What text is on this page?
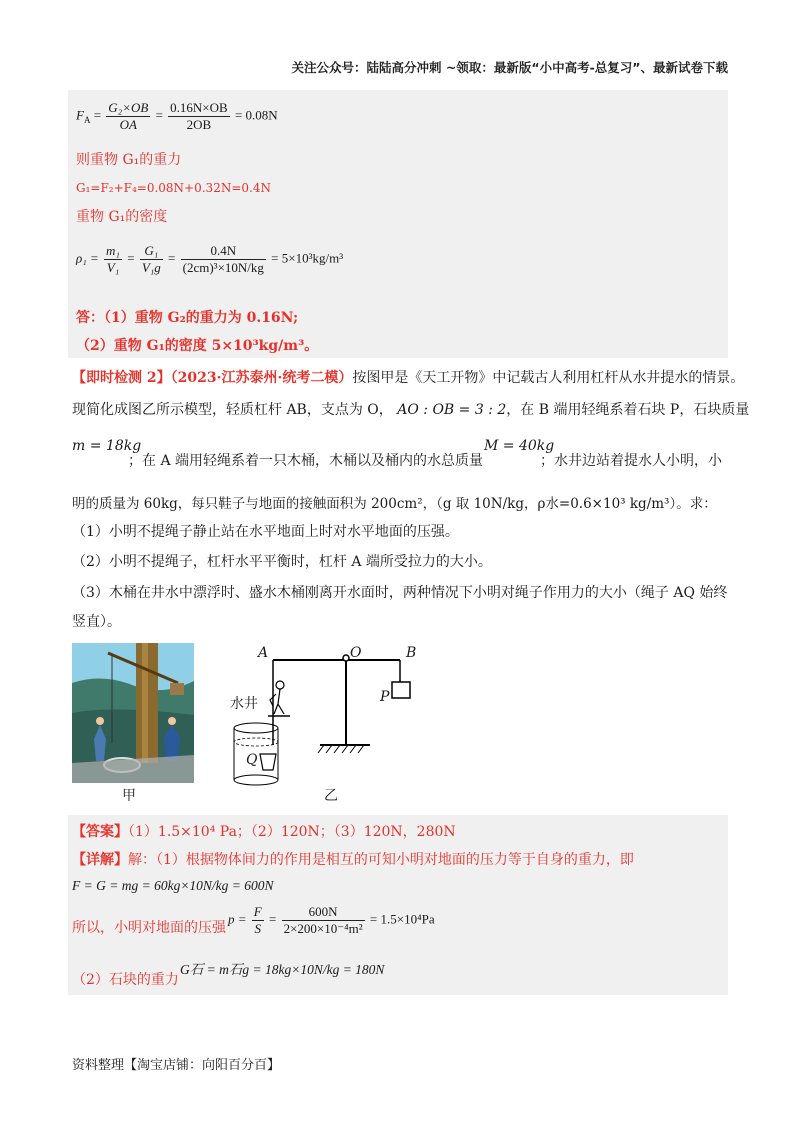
关注公众号：陆陆高分冲刺 ~领取：最新版“小中高考-总复习”、最新试卷下载
$F_A = \frac{\text{G₂×OB}}{OA} = \frac{0.16N\times OB}{2OB} = 0.08N$
则重物 G₁的重力
G₁=F₂+F₄=0.08N+0.32N=0.4N
重物 G₁的密度
$\rho_1 = \frac{\text{m₁}}{\text{V₁}} = \frac{\text{G₁}}{\text{V₁g}} = \frac{0.4N}{\text{(2cm)³×10N/kg}} = 5\times 10^3kg/m^3$
答：（1）重物 G₂的重力为 0.16N;
（2）重物 G₁的密度 5×10³kg/m³。
【即时检测 2】（2023·江苏泰州·统考二模）按图甲是《天工开物》中记载古人利用杠杆从水井提水的情景。
现简化成图乙所示模型，轻质杠杆 AB，支点为 O， AO : OB = 3 : 2，在 B 端用轻绳系着石块 P，石块质量
m = 18kg
；在 A 端用轻绳系着一只木桶，木桶以及桶内的水总质量
M = 40kg
；水井边站着提水人小明，小
明的质量为 60kg，每只鞋子与地面的接触面积为 200cm²，（g 取 10N/kg，ρ水=0.6×10³ kg/m³）。求：
（1）小明不提绳子静止站在水平地面上时对水平地面的压强。
（2）小明不提绳子，杠杆水平平衡时，杠杆 A 端所受拉力的大小。
（3）木桶在井水中漂浮时、盛水木桶刚离开水面时，两种情况下小明对绳子作用力的大小（绳子 AQ 始终
竖直）。
甲
A	O	B
P
Q
水井
乙
【答案】（1）1.5×10⁴ Pa；（2）120N；（3）120N，280N
【详解】解：（1）根据物体间力的作用是相互的可知小明对地面的压力等于自身的重力，即
F = G = mg = 60kg×10N/kg = 600N
所以，小明对地面的压强
$p = \frac{F}{S} = \frac{600N}{\text{2×200×10⁻⁴m²}} = 1.5\times 10^4Pa$
（2）石块的重力
G石 = m石g = 18kg×10N/kg = 180N
资料整理【淘宝店铺：向阳百分百】
